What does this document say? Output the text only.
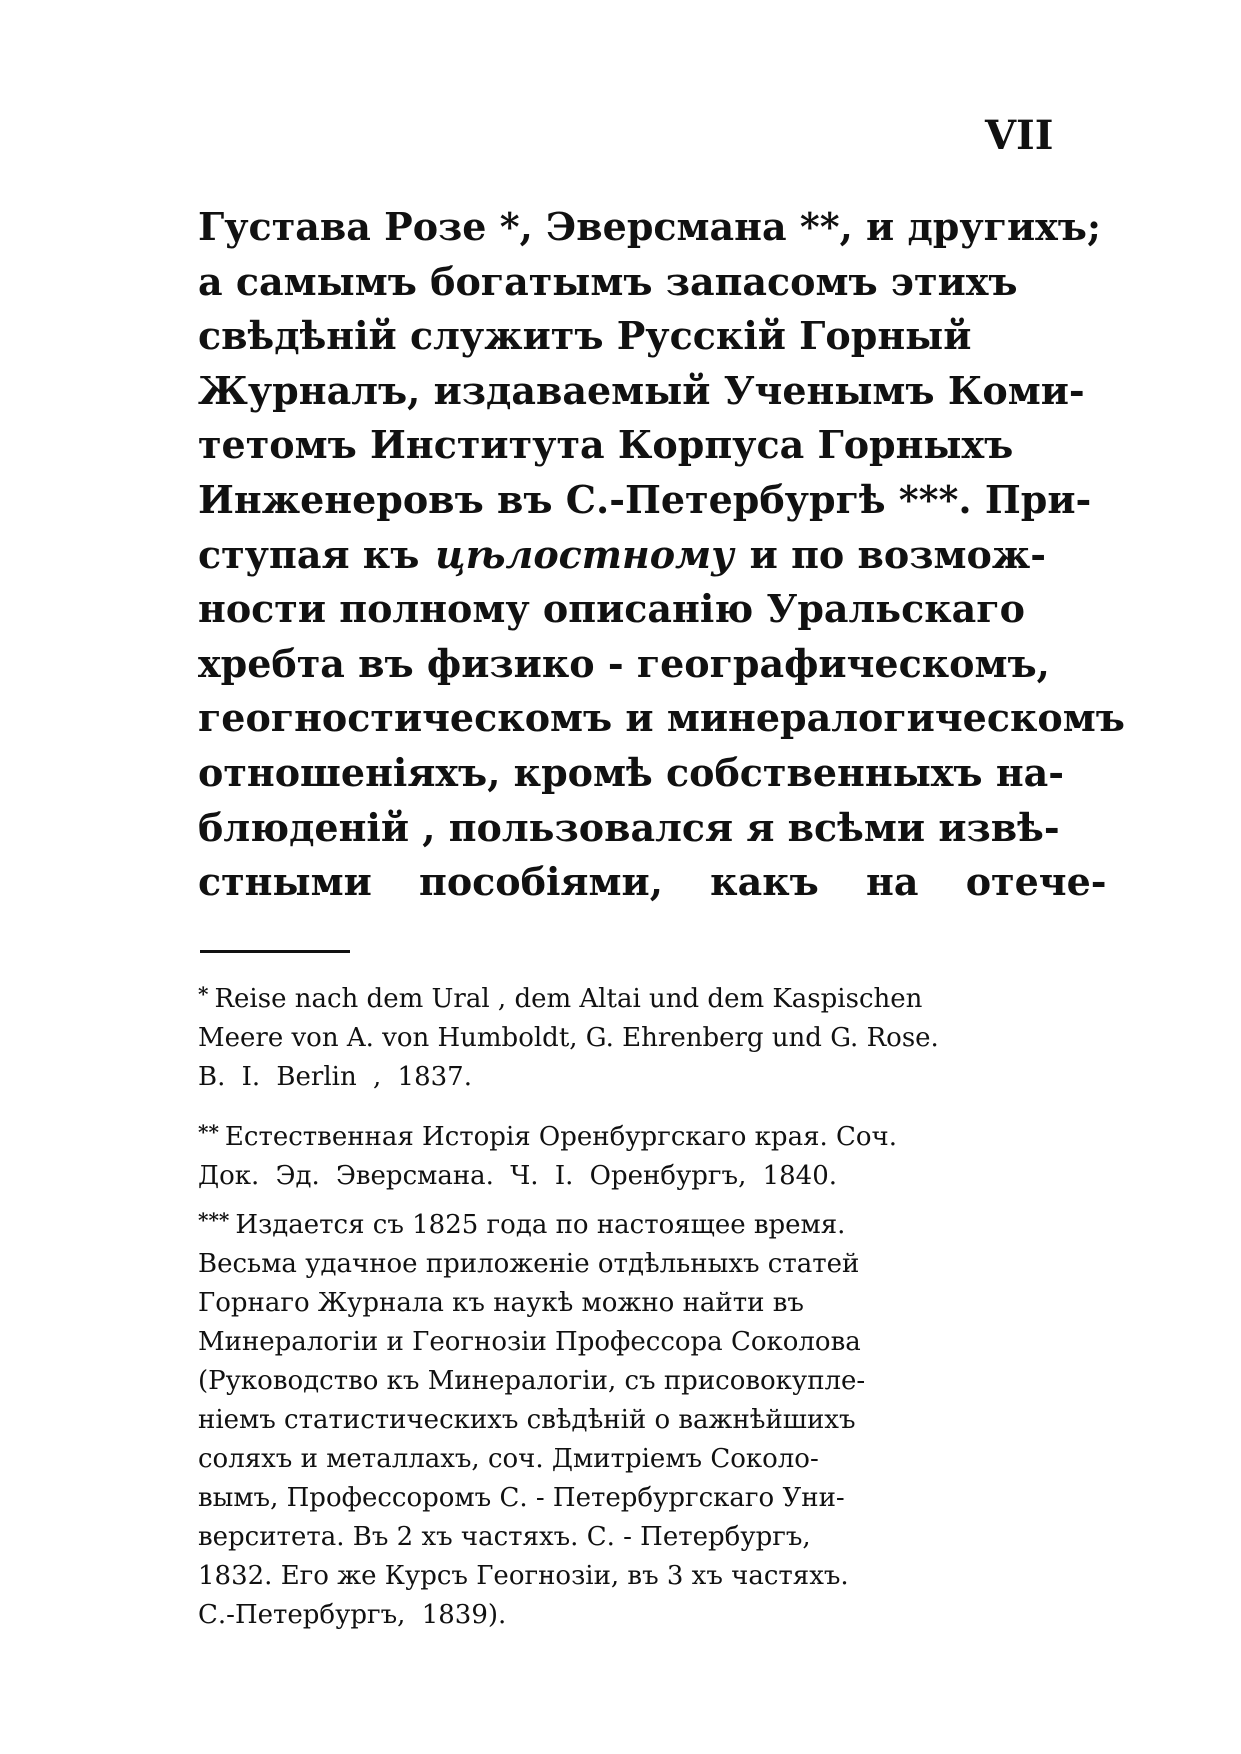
VII
Густава Розе *, Эверсмана **, и другихъ;
а самымъ богатымъ запасомъ этихъ
свѣдѣній служитъ Русскій Горный
Журналъ, издаваемый Ученымъ Коми-
тетомъ Института Корпуса Горныхъ
Инженеровъ въ С.-Петербургѣ ***. При-
ступая къ цѣлостному и по возмож-
ности полному описанію Уральскаго
хребта въ физико - географическомъ,
геогностическомъ и минералогическомъ
отношеніяхъ, кромѣ собственныхъ на-
блюденій , пользовался я всѣми извѣ-
стными пособіями, какъ на отече-
* Reise nach dem Ural , dem Altai und dem Kaspischen
Meere von A. von Humboldt, G. Ehrenberg und G. Rose.
B. I. Berlin , 1837.
** Естественная Исторія Оренбургскаго края. Соч.
Док. Эд. Эверсмана. Ч. I. Оренбургъ, 1840.
*** Издается съ 1825 года по настоящее время.
Весьма удачное приложеніе отдѣльныхъ статей
Горнаго Журнала къ наукѣ можно найти въ
Минералогіи и Геогнозіи Профессора Соколова
(Руководство къ Минералогіи, съ присовокупле-
ніемъ статистическихъ свѣдѣній о важнѣйшихъ
соляхъ и металлахъ, соч. Дмитріемъ Соколо-
вымъ, Профессоромъ С. - Петербургскаго Уни-
верситета. Въ 2 хъ частяхъ. С. - Петербургъ,
1832. Его же Курсъ Геогнозіи, въ 3 хъ частяхъ.
С.-Петербургъ, 1839).
